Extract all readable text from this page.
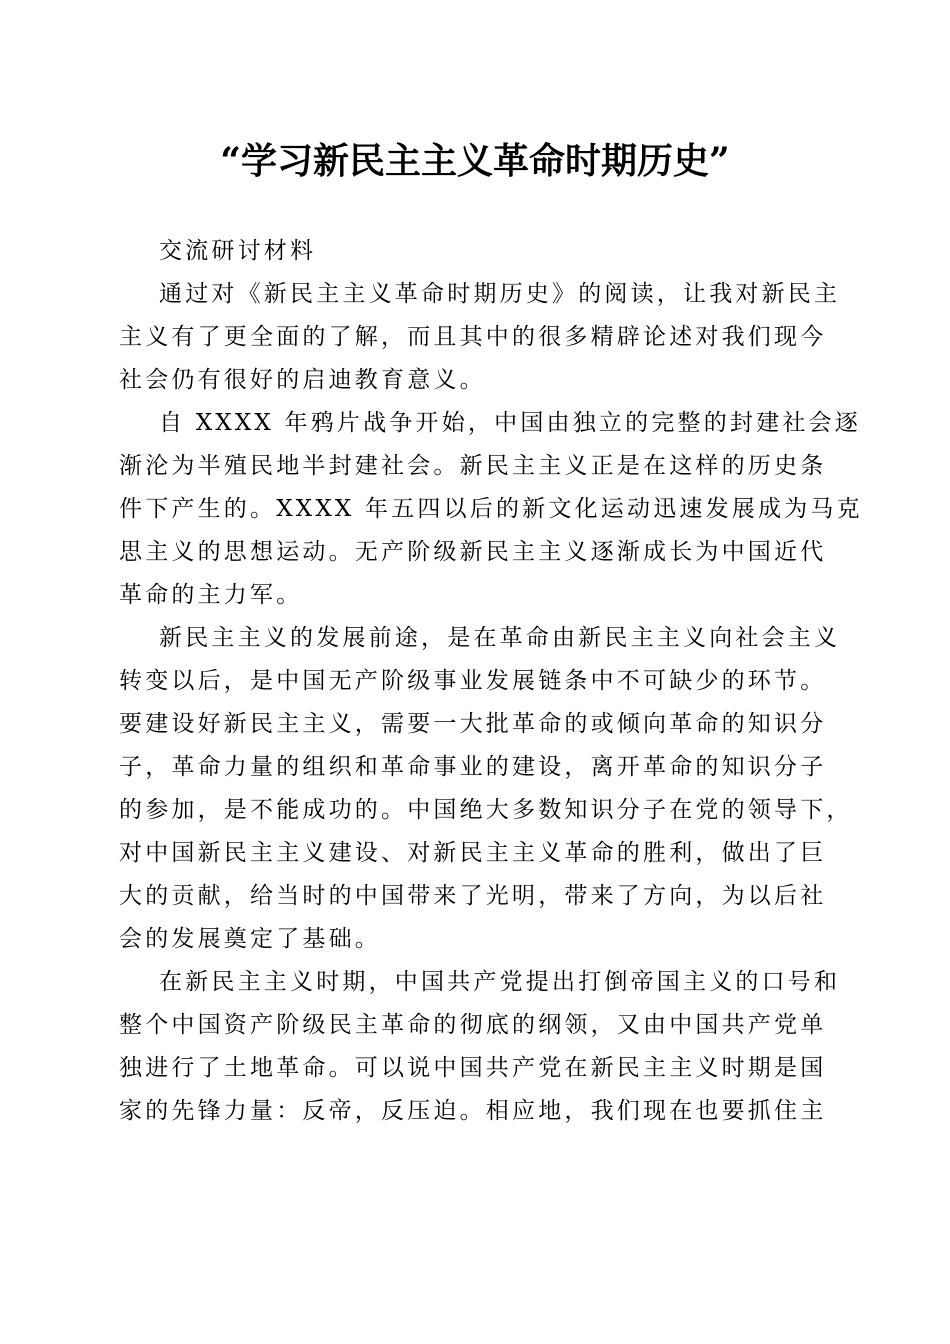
“学习新民主主义革命时期历史”
交流研讨材料
通过对《新民主主义革命时期历史》的阅读，让我对新民主
主义有了更全面的了解，而且其中的很多精辟论述对我们现今
社会仍有很好的启迪教育意义。
自 XXXX 年鸦片战争开始，中国由独立的完整的封建社会逐
渐沦为半殖民地半封建社会。新民主主义正是在这样的历史条
件下产生的。XXXX 年五四以后的新文化运动迅速发展成为马克
思主义的思想运动。无产阶级新民主主义逐渐成长为中国近代
革命的主力军。
新民主主义的发展前途，是在革命由新民主主义向社会主义
转变以后，是中国无产阶级事业发展链条中不可缺少的环节。
要建设好新民主主义，需要一大批革命的或倾向革命的知识分
子，革命力量的组织和革命事业的建设，离开革命的知识分子
的参加，是不能成功的。中国绝大多数知识分子在党的领导下，
对中国新民主主义建设、对新民主主义革命的胜利，做出了巨
大的贡献，给当时的中国带来了光明，带来了方向，为以后社
会的发展奠定了基础。
在新民主主义时期，中国共产党提出打倒帝国主义的口号和
整个中国资产阶级民主革命的彻底的纲领，又由中国共产党单
独进行了土地革命。可以说中国共产党在新民主主义时期是国
家的先锋力量：反帝，反压迫。相应地，我们现在也要抓住主
